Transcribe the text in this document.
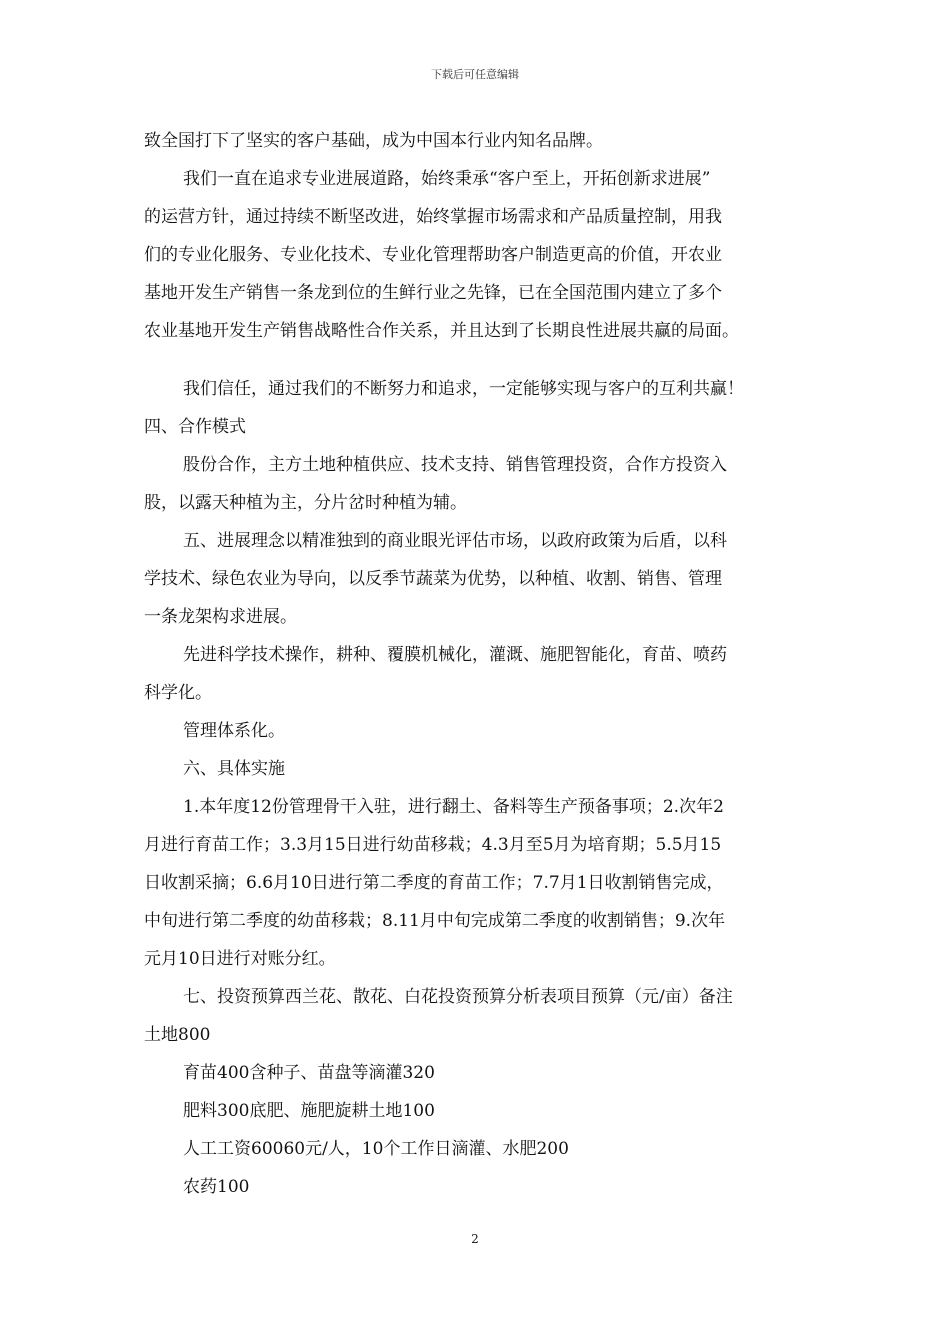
下载后可任意编辑

致全国打下了坚实的客户基础，成为中国本行业内知名品牌。

我们一直在追求专业进展道路，始终秉承“客户至上，开拓创新求进展”

的运营方针，通过持续不断坚改进，始终掌握市场需求和产品质量控制，用我

们的专业化服务、专业化技术、专业化管理帮助客户制造更高的价值，开农业

基地开发生产销售一条龙到位的生鲜行业之先锋，已在全国范围内建立了多个

农业基地开发生产销售战略性合作关系，并且达到了长期良性进展共赢的局面。

我们信任，通过我们的不断努力和追求，一定能够实现与客户的互利共赢！

四、合作模式

股份合作，主方土地种植供应、技术支持、销售管理投资，合作方投资入

股，以露天种植为主，分片岔时种植为辅。

五、进展理念以精准独到的商业眼光评估市场，以政府政策为后盾，以科

学技术、绿色农业为导向，以反季节蔬菜为优势，以种植、收割、销售、管理

一条龙架构求进展。

先进科学技术操作，耕种、覆膜机械化，灌溉、施肥智能化，育苗、喷药

科学化。

管理体系化。

六、具体实施

1.本年度12份管理骨干入驻，进行翻土、备料等生产预备事项；2.次年2

月进行育苗工作；3.3月15日进行幼苗移栽；4.3月至5月为培育期；5.5月15

日收割采摘；6.6月10日进行第二季度的育苗工作；7.7月1日收割销售完成，

中旬进行第二季度的幼苗移栽；8.11月中旬完成第二季度的收割销售；9.次年

元月10日进行对账分红。

七、投资预算西兰花、散花、白花投资预算分析表项目预算（元/亩）备注

土地800

育苗400含种子、苗盘等滴灌320

肥料300底肥、施肥旋耕土地100

人工工资60060元/人，10个工作日滴灌、水肥200

农药100

2
